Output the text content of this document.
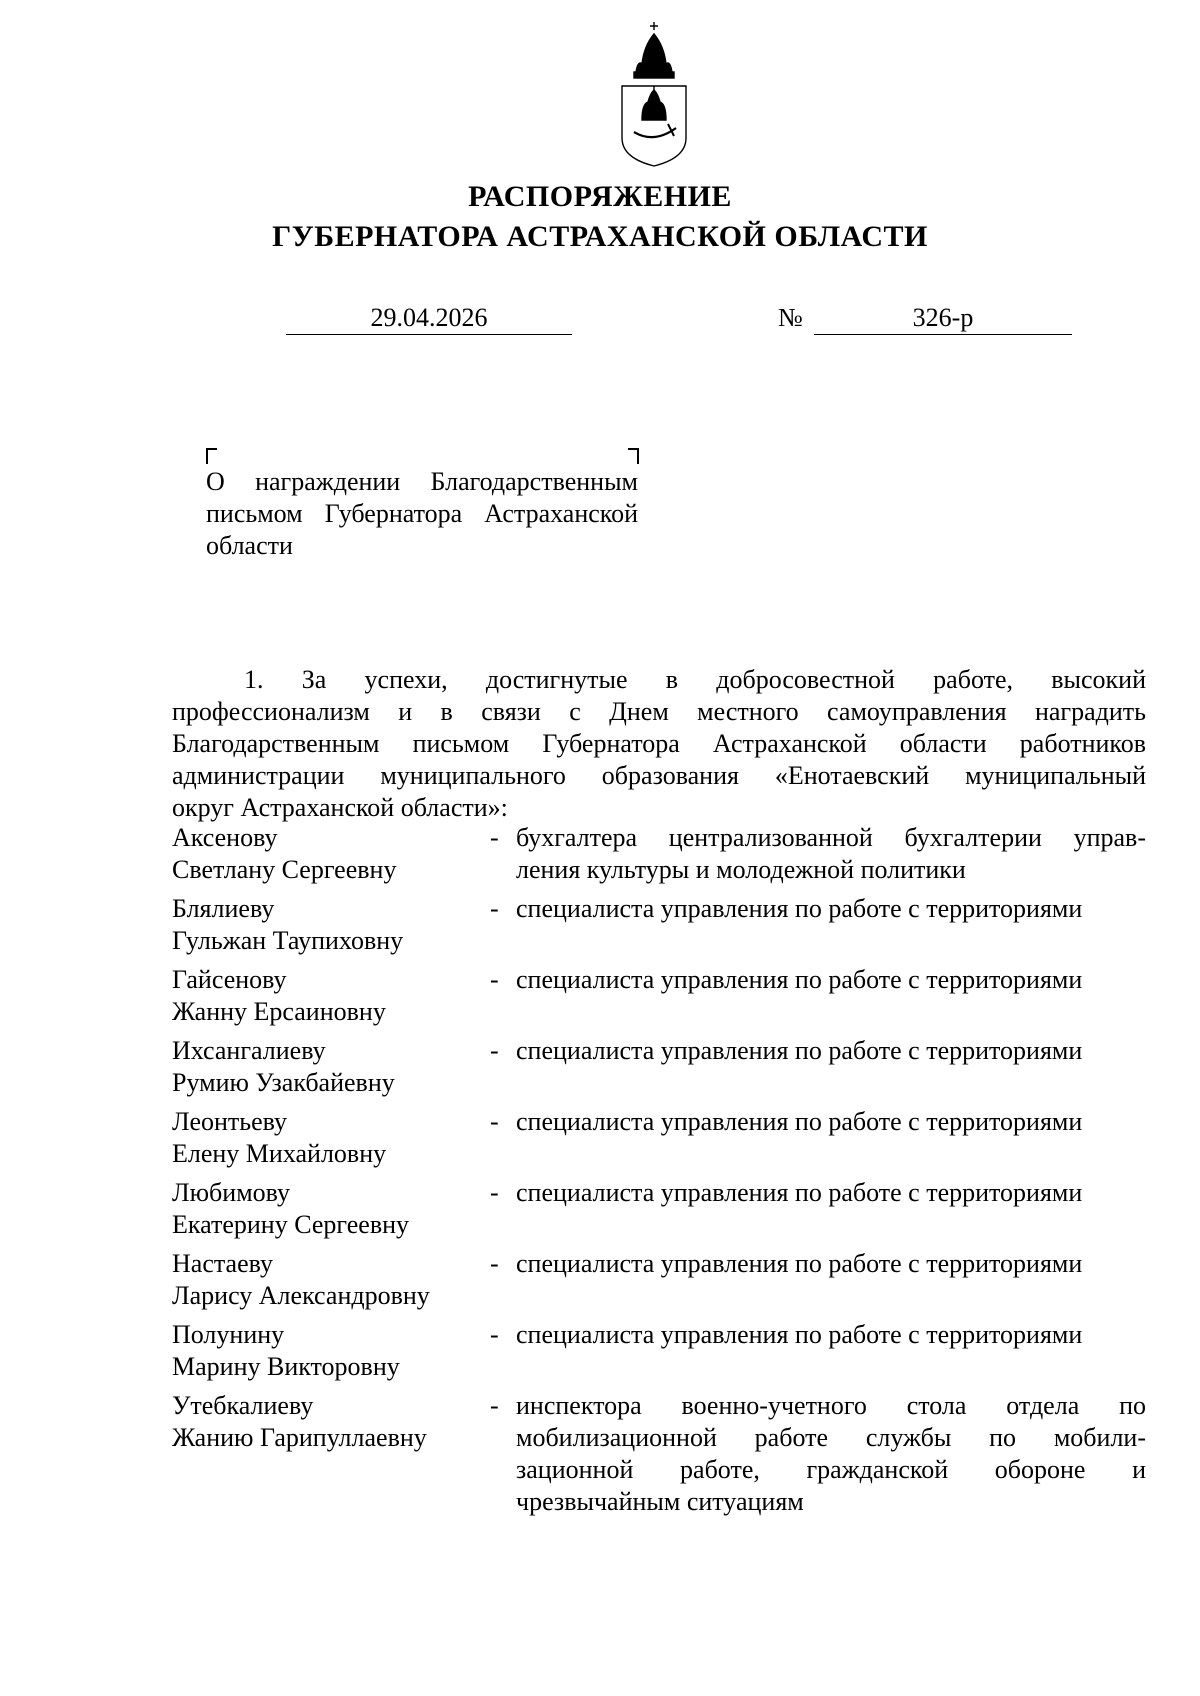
РАСПОРЯЖЕНИЕ
ГУБЕРНАТОРА АСТРАХАНСКОЙ ОБЛАСТИ
29.04.2026	№	326-р
О награждении Благодарственным
письмом Губернатора Астраханской
области
1. За успехи, достигнутые в добросовестной работе, высокий
профессионализм и в связи с Днем местного самоуправления наградить
Благодарственным письмом Губернатора Астраханской области работников
администрации муниципального образования «Енотаевский муниципальный
округ Астраханской области»:
Аксенову
Светлану Сергеевну
- бухгалтера централизованной бухгалтерии управ-
ления культуры и молодежной политики
Блялиеву
Гульжан Таупиховну
- специалиста управления по работе с территориями
Гайсенову
Жанну Ерсаиновну
- специалиста управления по работе с территориями
Ихсангалиеву
Румию Узакбайевну
- специалиста управления по работе с территориями
Леонтьеву
Елену Михайловну
- специалиста управления по работе с территориями
Любимову
Екатерину Сергеевну
- специалиста управления по работе с территориями
Настаеву
Ларису Александровну
- специалиста управления по работе с территориями
Полунину
Марину Викторовну
- специалиста управления по работе с территориями
Утебкалиеву
Жанию Гарипуллаевну
- инспектора военно-учетного стола отдела по
мобилизационной работе службы по мобили-
зационной работе, гражданской обороне и
чрезвычайным ситуациям
